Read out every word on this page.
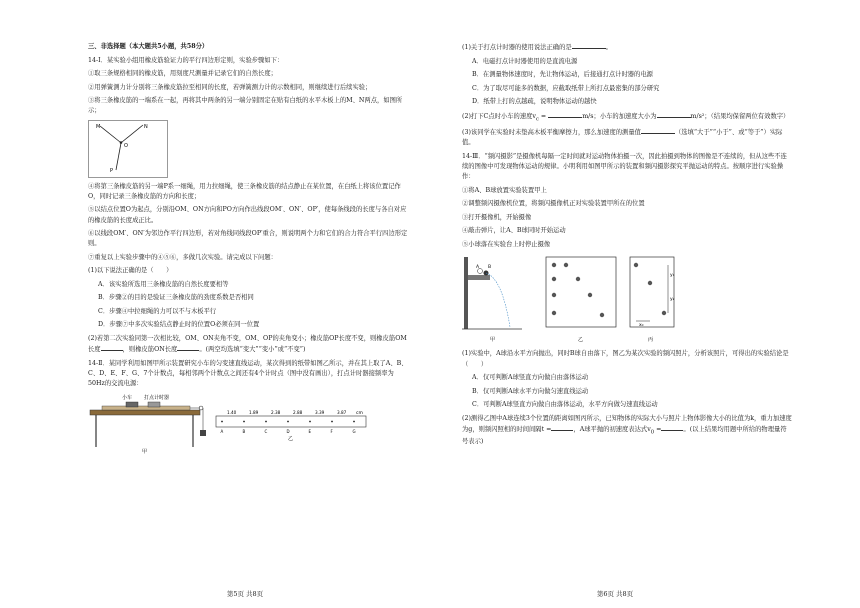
三、非选择题（本大题共5小题，共58分）

14-Ⅰ．某实验小组用橡皮筋验证力的平行四边形定则，实验步骤如下：

①取三条规格相同的橡皮筋，用刻度尺测量并记录它们的自然长度；

②用弹簧测力计分别将三条橡皮筋拉至相同的长度，若弹簧测力计的示数相同，则继续进行后续实验；

③将三条橡皮筋的一端系在一起，再将其中两条的另一端分别固定在贴有白纸的水平木板上的M、N两点，如图所示；

M	N
O
P

④将第三条橡皮筋的另一端P系一细绳，用力拉细绳，使三条橡皮筋的结点静止在某位置，在白纸上将该位置记作O，同时记录三条橡皮筋的方向和长度；

⑤以结点位置O为起点，分别沿OM、ON方向和PO方向作出线段OM′、ON′、OP′，使每条线段的长度与各自对应的橡皮筋的长度成正比。

⑥以线段OM′、ON′为邻边作平行四边形，若对角线同线段OP′重合，则说明两个力和它们的合力符合平行四边形定则。

⑦重复以上实验步骤中的④⑤⑥，多做几次实验。请完成以下问题：

(1)以下说法正确的是（　　）

A．该实验所选用三条橡皮筋的自然长度要相等

B．步骤②的目的是验证三条橡皮筋的劲度系数是否相同

C．步骤④中拉细绳的力可以不与木板平行

D．步骤⑦中多次实验结点静止时的位置O必须在同一位置

(2)若第二次实验同第一次相比较，OM、ON夹角不变，OM、OP的夹角变小；橡皮筋OP长度不变，则橡皮筋OM长度	，则橡皮筋ON长度	。(两空均选填“变大”“变小”或“不变”)

14-Ⅱ．某同学利用如图甲所示装置研究小车的匀变速直线运动，某次得到的纸带如图乙所示，并在其上取了A、B、C、D、E、F、G、7个计数点，每相邻两个计数点之间还有4个计时点（图中没有画出），打点计时器接频率为50Hz的交流电源：

小车 打点计时器
甲
A	B	C	D	E	F	G
1.40	1.89	2.38	2.88	3.39	3.87 cm
乙
第5页 共8页

(1)关于打点计时器的使用说法正确的是	。

A．电磁打点计时器使用的是直流电源

B．在测量物体速度时，先让物体运动，后接通打点计时器的电源

C．为了取尽可能多的数据，应截取纸带上所打点最密集的部分研究

D．纸带上打的点越疏，说明物体运动的越快

(2)打下C点时小车的速度$v_c$ =	m/s；小车的加速度大小为	m/s²；（结果均保留两位有效数字）

(3)该同学在实验时未垫高木板平衡摩擦力，那么加速度的测量值	（选填“大于”“小于”、或“等于”）实际值。

14-Ⅲ．“频闪摄影”是摄像机每隔一定时间就对运动物体拍摄一次，因此拍摄到物体的图像是不连续的，但从这些不连续的图像中可发现物体运动的规律。小明利用如图甲所示的装置和频闪摄影探究平抛运动的特点。按顺序进行实验操作：

①将A、B球放置实验装置甲上

②调整频闪摄像机位置，将频闪摄像机正对实验装置甲所在的位置

③打开摄像机，开始摄像

④敲击弹片，让A、B球同时开始运动

⑤小球落在实验台上时停止摄像

A B
甲	乙
y₁
y₂
x₀
丙

(1)实验中，A球沿水平方向抛出，同时B球自由落下，图乙为某次实验的频闪照片，分析该照片，可得出的实验结论是（　　）

A．仅可判断A球竖直方向做自由落体运动

B．仅可判断A球水平方向做匀速直线运动

C．可判断A球竖直方向做自由落体运动，水平方向做匀速直线运动

(2)测得乙图中A球连续3个位置的距离如图丙所示，已知物体的实际大小与照片上物体影像大小的比值为k，重力加速度为g，则频闪照相的时间间隔t =	，A球平抛的初速度表达式$v_0$ =	。(以上结果均用题中所给的物理量符号表示)

第6页 共8页
